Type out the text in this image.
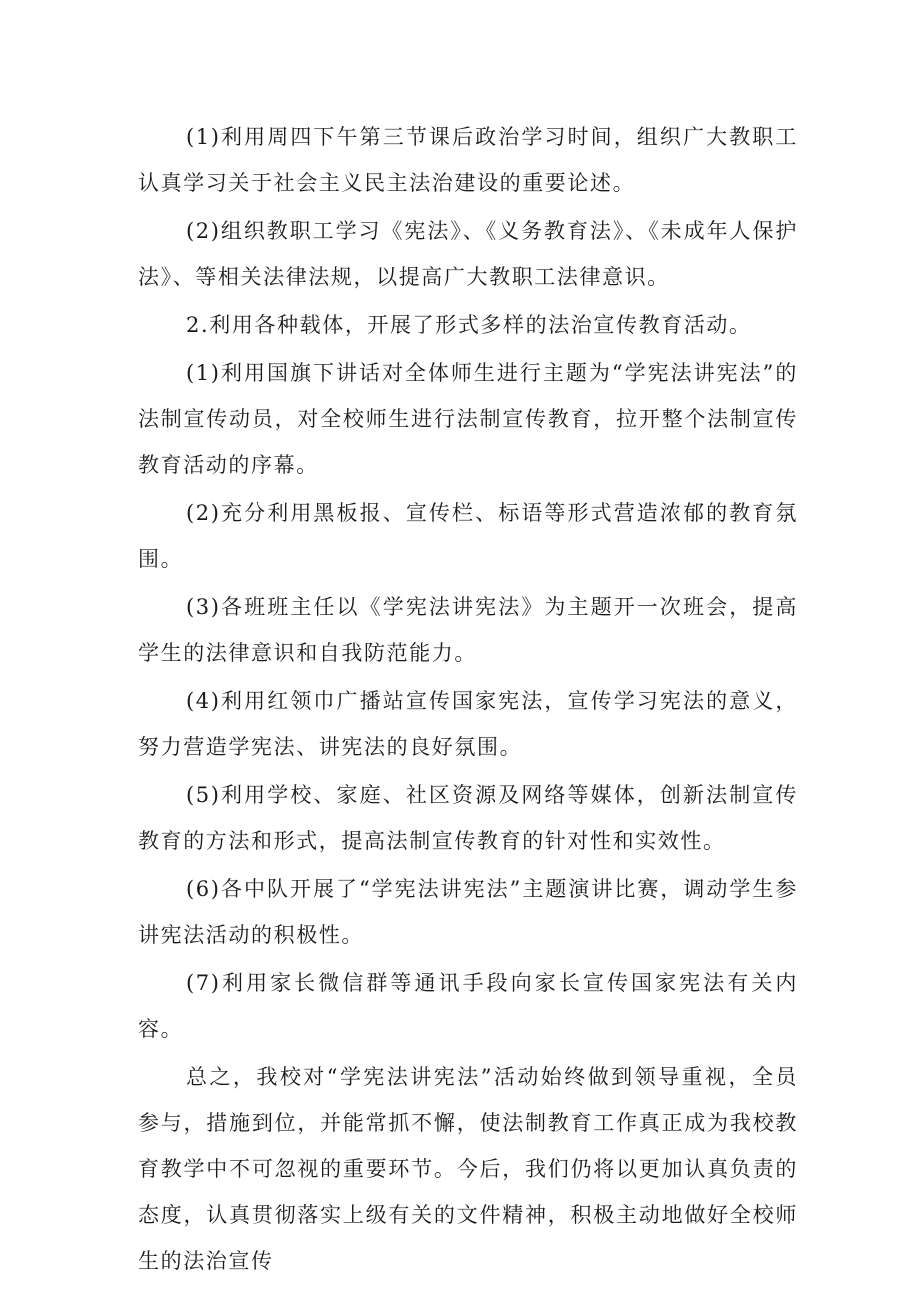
(1)利用周四下午第三节课后政治学习时间，组织广大教职工认真学习关于社会主义民主法治建设的重要论述。

(2)组织教职工学习《宪法》、《义务教育法》、《未成年人保护法》、等相关法律法规，以提高广大教职工法律意识。

2.利用各种载体，开展了形式多样的法治宣传教育活动。

(1)利用国旗下讲话对全体师生进行主题为“学宪法讲宪法”的法制宣传动员，对全校师生进行法制宣传教育，拉开整个法制宣传教育活动的序幕。

(2)充分利用黑板报、宣传栏、标语等形式营造浓郁的教育氛围。

(3)各班班主任以《学宪法讲宪法》为主题开一次班会，提高学生的法律意识和自我防范能力。

(4)利用红领巾广播站宣传国家宪法，宣传学习宪法的意义，努力营造学宪法、讲宪法的良好氛围。

(5)利用学校、家庭、社区资源及网络等媒体，创新法制宣传教育的方法和形式，提高法制宣传教育的针对性和实效性。

(6)各中队开展了“学宪法讲宪法”主题演讲比赛，调动学生参讲宪法活动的积极性。

(7)利用家长微信群等通讯手段向家长宣传国家宪法有关内容。

总之，我校对“学宪法讲宪法”活动始终做到领导重视，全员参与，措施到位，并能常抓不懈，使法制教育工作真正成为我校教育教学中不可忽视的重要环节。今后，我们仍将以更加认真负责的态度，认真贯彻落实上级有关的文件精神，积极主动地做好全校师生的法治宣传
